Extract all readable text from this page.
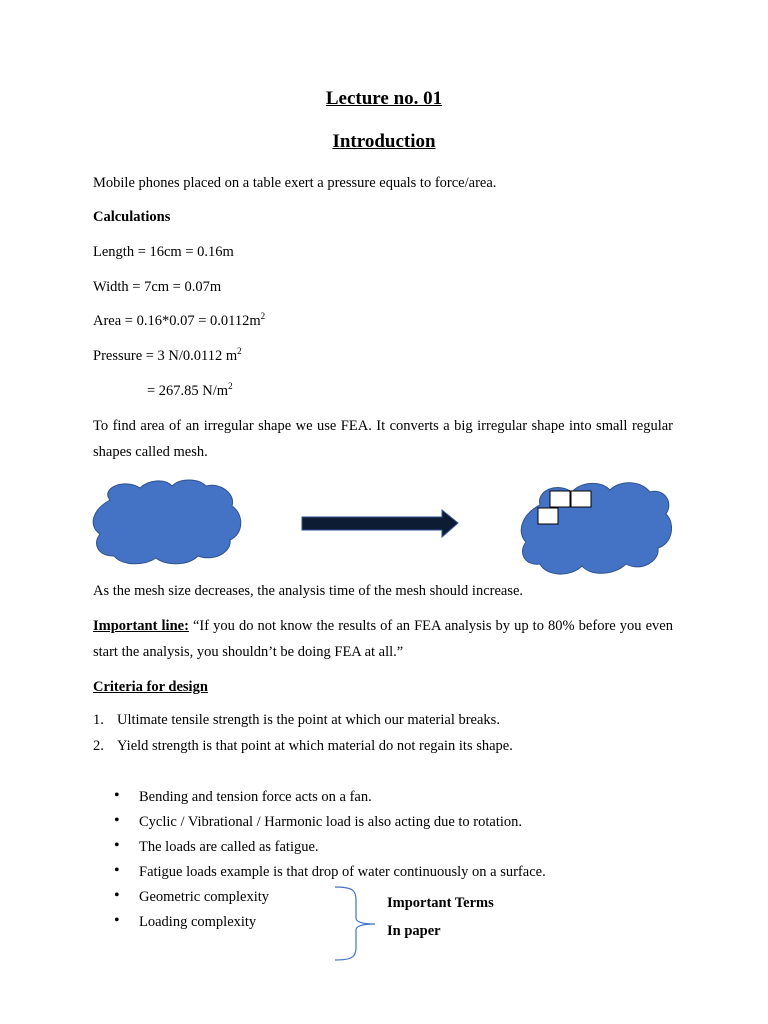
Lecture no. 01
Introduction
Mobile phones placed on a table exert a pressure equals to force/area.
Calculations
Length = 16cm = 0.16m
Width = 7cm = 0.07m
Area = $0.16*0.07 = 0.0112m^2$
Pressure = 3 N/0.0112 $m^2$
= 267.85 $N/m^2$
To find area of an irregular shape we use FEA. It converts a big irregular shape into small regular shapes called mesh.
As the mesh size decreases, the analysis time of the mesh should increase.
Important line: “If you do not know the results of an FEA analysis by up to 80% before you even start the analysis, you shouldn’t be doing FEA at all.”
Criteria for design
1. Ultimate tensile strength is the point at which our material breaks.
2. Yield strength is that point at which material do not regain its shape.
• Bending and tension force acts on a fan.
• Cyclic / Vibrational / Harmonic load is also acting due to rotation.
• The loads are called as fatigue.
• Fatigue loads example is that drop of water continuously on a surface.
• Geometric complexity
• Loading complexity
Important Terms
In paper
